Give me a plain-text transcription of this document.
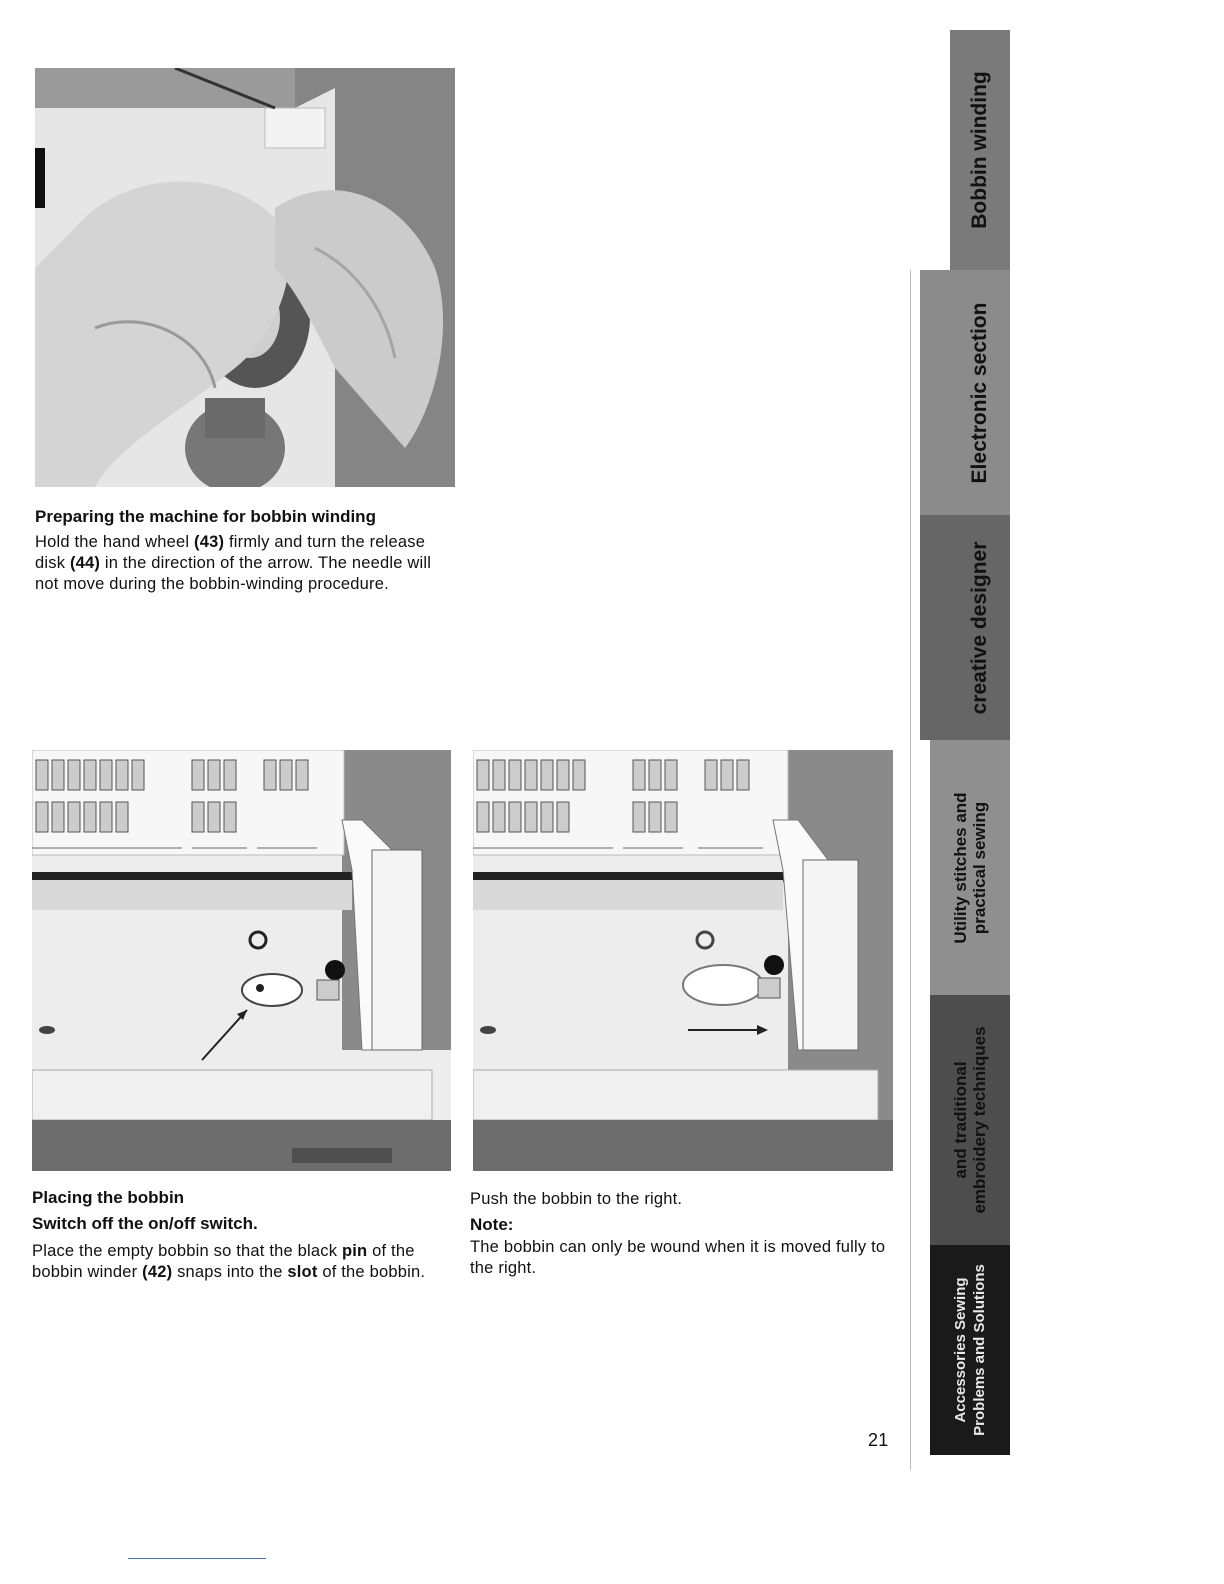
Preparing the machine for bobbin winding
Hold the hand wheel (43) firmly and turn the release disk (44) in the direction of the arrow. The needle will not move during the bobbin-winding procedure.
Placing the bobbin
Switch off the on/off switch.
Place the empty bobbin so that the black pin of the bobbin winder (42) snaps into the slot of the bobbin.
Push the bobbin to the right.
Note:
The bobbin can only be wound when it is moved fully to the right.
21
Bobbin winding
Electronic section
creative designer
Utility stitches and practical sewing
and traditional embroidery techniques
Accessories Sewing Problems and Solutions
